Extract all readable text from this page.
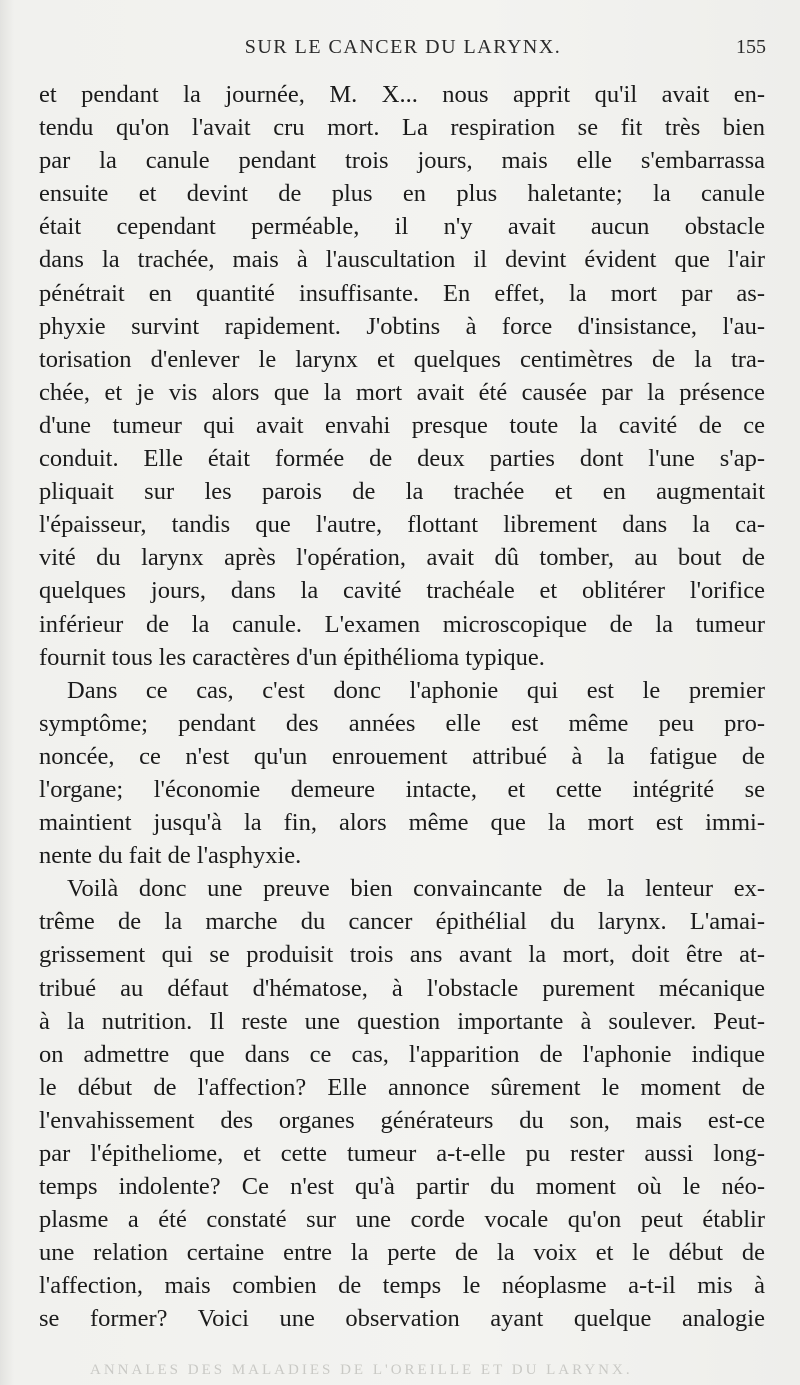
SUR LE CANCER DU LARYNX.	155
et pendant la journée, M. X... nous apprit qu'il avait en-
tendu qu'on l'avait cru mort. La respiration se fit très bien
par la canule pendant trois jours, mais elle s'embarrassa
ensuite et devint de plus en plus haletante; la canule
était cependant perméable, il n'y avait aucun obstacle
dans la trachée, mais à l'auscultation il devint évident que l'air
pénétrait en quantité insuffisante. En effet, la mort par as-
phyxie survint rapidement. J'obtins à force d'insistance, l'au-
torisation d'enlever le larynx et quelques centimètres de la tra-
chée, et je vis alors que la mort avait été causée par la présence
d'une tumeur qui avait envahi presque toute la cavité de ce
conduit. Elle était formée de deux parties dont l'une s'ap-
pliquait sur les parois de la trachée et en augmentait
l'épaisseur, tandis que l'autre, flottant librement dans la ca-
vité du larynx après l'opération, avait dû tomber, au bout de
quelques jours, dans la cavité trachéale et oblitérer l'orifice
inférieur de la canule. L'examen microscopique de la tumeur
fournit tous les caractères d'un épithélioma typique.
Dans ce cas, c'est donc l'aphonie qui est le premier
symptôme; pendant des années elle est même peu pro-
noncée, ce n'est qu'un enrouement attribué à la fatigue de
l'organe; l'économie demeure intacte, et cette intégrité se
maintient jusqu'à la fin, alors même que la mort est immi-
nente du fait de l'asphyxie.
Voilà donc une preuve bien convaincante de la lenteur ex-
trême de la marche du cancer épithélial du larynx. L'amai-
grissement qui se produisit trois ans avant la mort, doit être at-
tribué au défaut d'hématose, à l'obstacle purement mécanique
à la nutrition. Il reste une question importante à soulever. Peut-
on admettre que dans ce cas, l'apparition de l'aphonie indique
le début de l'affection? Elle annonce sûrement le moment de
l'envahissement des organes générateurs du son, mais est-ce
par l'épitheliome, et cette tumeur a-t-elle pu rester aussi long-
temps indolente? Ce n'est qu'à partir du moment où le néo-
plasme a été constaté sur une corde vocale qu'on peut établir
une relation certaine entre la perte de la voix et le début de
l'affection, mais combien de temps le néoplasme a-t-il mis à
se former? Voici une observation ayant quelque analogie
ANNALES DES MALADIES DE L'OREILLE ET DU LARYNX.
